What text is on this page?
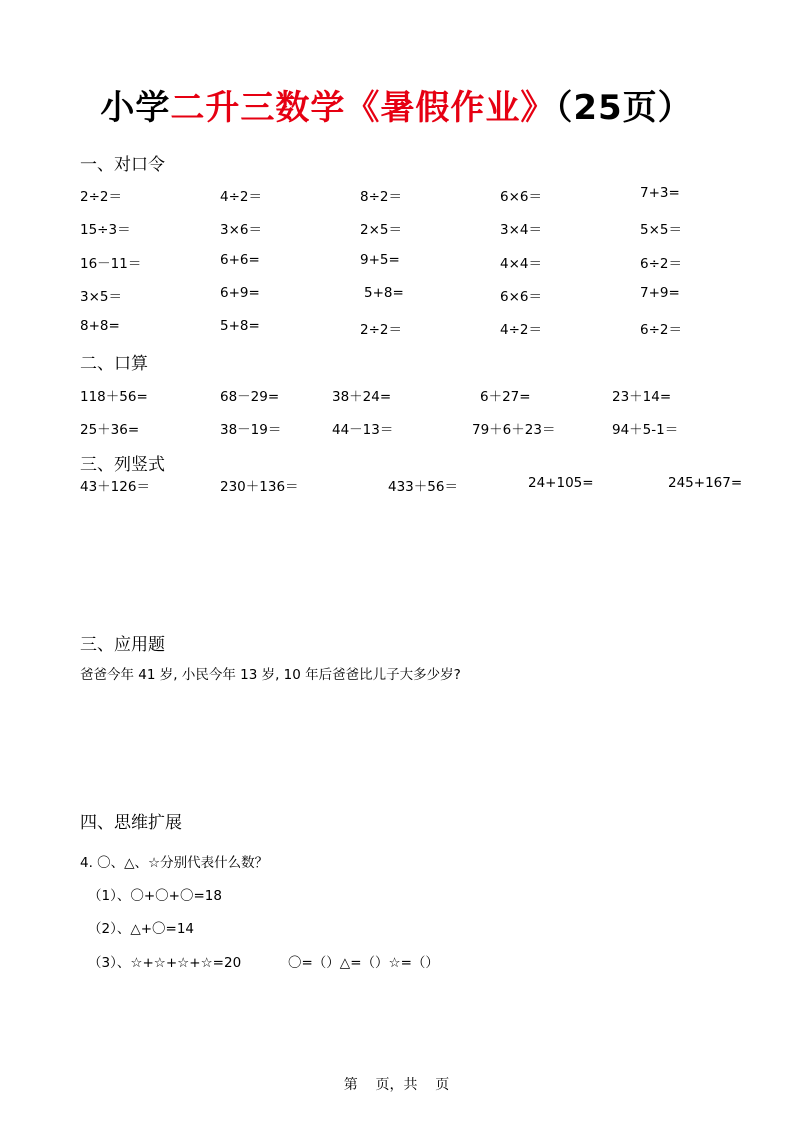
小学二升三数学《暑假作业》（25页）
一、对口令
2÷2＝	4÷2＝	8÷2＝	6×6＝	7+3=
15÷3＝	3×6＝	2×5＝	3×4＝	5×5＝
16－11＝	6+6=	9+5=	4×4＝	6÷2＝
3×5＝	6+9=	5+8=	6×6＝	7+9=
8+8=	5+8=	2÷2＝	4÷2＝	6÷2＝
二、口算
118＋56=	68－29=	38＋24=	6＋27=	23＋14=
25＋36=	38－19＝	44－13＝	79＋6＋23＝	94＋5-1＝
三、列竖式
43＋126＝	230＋136＝	433＋56＝	24+105=	245+167=
三、应用题
爸爸今年 41 岁, 小民今年 13 岁, 10 年后爸爸比儿子大多少岁?
四、思维扩展
4. 〇、△、☆分别代表什么数？
（1）、〇+〇+〇=18
（2）、△+〇=14
（3）、☆+☆+☆+☆=20	〇=（）△=（）☆=（）
第    页，共    页
